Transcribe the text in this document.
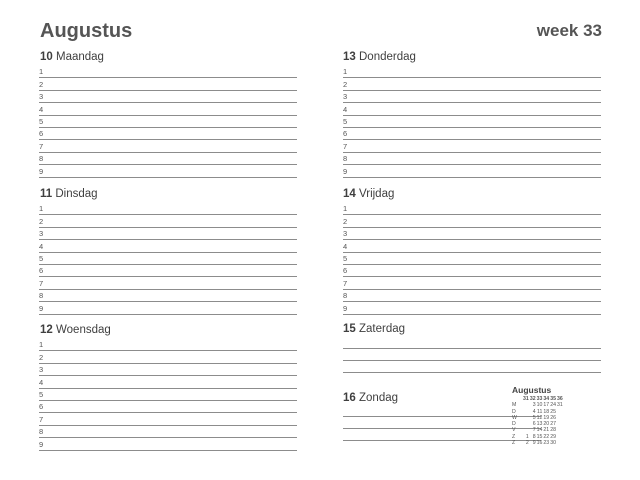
Augustus	week 33
10 Maandag
1
2
3
4
5
6
7
8
9
11 Dinsdag
1
2
3
4
5
6
7
8
9
12 Woensdag
1
2
3
4
5
6
7
8
9
13 Donderdag
1
2
3
4
5
6
7
8
9
14 Vrijdag
1
2
3
4
5
6
7
8
9
15 Zaterdag
16 Zondag
Augustus
	31	32	33	34	35	36
M		3	10	17	24	31
D		4	11	18	25	
W		5	12	19	26	
D		6	13	20	27	
V		7	14	21	28	
Z	1	8	15	22	29	
Z	2	9	16	23	30	
